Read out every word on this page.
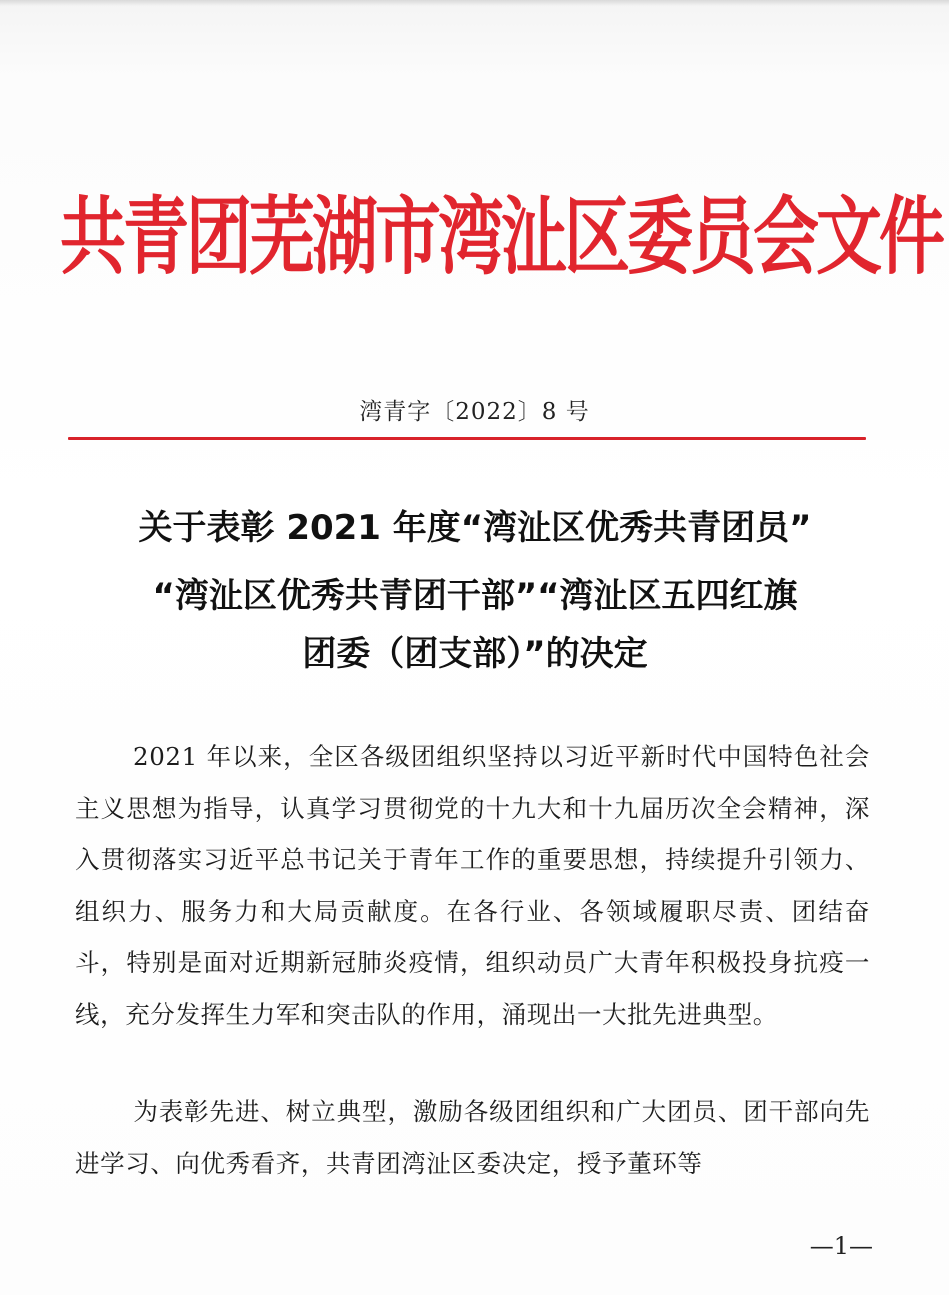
共青团芜湖市湾沚区委员会文件
湾青字〔2022〕8 号
关于表彰 2021 年度“湾沚区优秀共青团员”
“湾沚区优秀共青团干部”“湾沚区五四红旗
团委（团支部）”的决定
2021 年以来，全区各级团组织坚持以习近平新时代中国特色社会主义思想为指导，认真学习贯彻党的十九大和十九届历次全会精神，深入贯彻落实习近平总书记关于青年工作的重要思想，持续提升引领力、组织力、服务力和大局贡献度。在各行业、各领域履职尽责、团结奋斗，特别是面对近期新冠肺炎疫情，组织动员广大青年积极投身抗疫一线，充分发挥生力军和突击队的作用，涌现出一大批先进典型。
为表彰先进、树立典型，激励各级团组织和广大团员、团干部向先进学习、向优秀看齐，共青团湾沚区委决定，授予董环等
—1—
